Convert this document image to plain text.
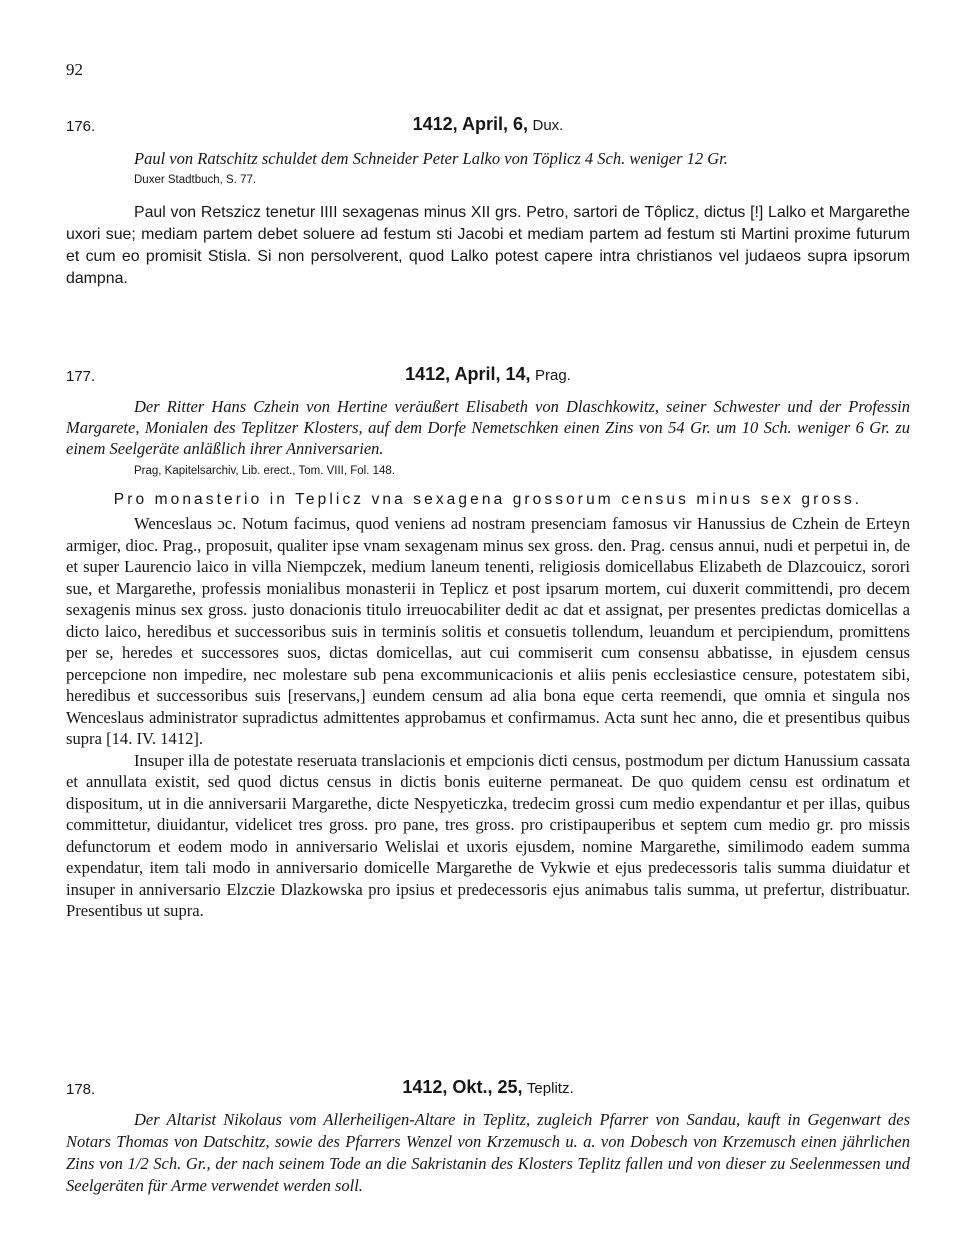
92
176.	1412, April, 6, Dux.

Paul von Ratschitz schuldet dem Schneider Peter Lalko von Töplicz 4 Sch. weniger 12 Gr.

Duxer Stadtbuch, S. 77.

Paul von Retszicz tenetur IIII sexagenas minus XII grs. Petro, sartori de Tôplicz, dictus [!] Lalko et Margarethe uxori sue; mediam partem debet soluere ad festum sti Jacobi et mediam partem ad festum sti Martini proxime futurum et cum eo promisit Stisla. Si non persolverent, quod Lalko potest capere intra christianos vel judaeos supra ipsorum dampna.

177.	1412, April, 14, Prag.

Der Ritter Hans Czhein von Hertine veräußert Elisabeth von Dlaschkowitz, seiner Schwester und der Professin Margarete, Monialen des Teplitzer Klosters, auf dem Dorfe Nemetschken einen Zins von 54 Gr. um 10 Sch. weniger 6 Gr. zu einem Seelgeräte anläßlich ihrer Anniversarien.

Prag, Kapitelsarchiv, Lib. erect., Tom. VIII, Fol. 148.

Pro monasterio in Teplicz vna sexagena grossorum census minus sex gross.

Wenceslaus ɔc. Notum facimus, quod veniens ad nostram presenciam famosus vir Hanussius de Czhein de Erteyn armiger, dioc. Prag., proposuit, qualiter ipse vnam sexagenam minus sex gross. den. Prag. census annui, nudi et perpetui in, de et super Laurencio laico in villa Niempczek, medium laneum tenenti, religiosis domicellabus Elizabeth de Dlazcouicz, sorori sue, et Margarethe, professis monialibus monasterii in Teplicz et post ipsarum mortem, cui duxerit committendi, pro decem sexagenis minus sex gross. justo donacionis titulo irreuocabiliter dedit ac dat et assignat, per presentes predictas domicellas a dicto laico, heredibus et successoribus suis in terminis solitis et consuetis tollendum, leuandum et percipiendum, promittens per se, heredes et successores suos, dictas domicellas, aut cui commiserit cum consensu abbatisse, in ejusdem census percepcione non impedire, nec molestare sub pena excommunicacionis et aliis penis ecclesiastice censure, potestatem sibi, heredibus et successoribus suis [reservans,] eundem censum ad alia bona eque certa reemendi, que omnia et singula nos Wenceslaus administrator supradictus admittentes approbamus et confirmamus. Acta sunt hec anno, die et presentibus quibus supra [14. IV. 1412].

Insuper illa de potestate reseruata translacionis et empcionis dicti census, postmodum per dictum Hanussium cassata et annullata existit, sed quod dictus census in dictis bonis euiterne permaneat. De quo quidem censu est ordinatum et dispositum, ut in die anniversarii Margarethe, dicte Nespyeticzka, tredecim grossi cum medio expendantur et per illas, quibus committetur, diuidantur, videlicet tres gross. pro pane, tres gross. pro cristipauperibus et septem cum medio gr. pro missis defunctorum et eodem modo in anniversario Welislai et uxoris ejusdem, nomine Margarethe, similimodo eadem summa expendatur, item tali modo in anniversario domicelle Margarethe de Vykwie et ejus predecessoris talis summa diuidatur et insuper in anniversario Elzczie Dlazkowska pro ipsius et predecessoris ejus animabus talis summa, ut prefertur, distribuatur. Presentibus ut supra.

178.	1412, Okt., 25, Teplitz.

Der Altarist Nikolaus vom Allerheiligen-Altare in Teplitz, zugleich Pfarrer von Sandau, kauft in Gegenwart des Notars Thomas von Datschitz, sowie des Pfarrers Wenzel von Krzemusch u. a. von Dobesch von Krzemusch einen jährlichen Zins von 1/2 Sch. Gr., der nach seinem Tode an die Sakristanin des Klosters Teplitz fallen und von dieser zu Seelenmessen und Seelgeräten für Arme verwendet werden soll.
